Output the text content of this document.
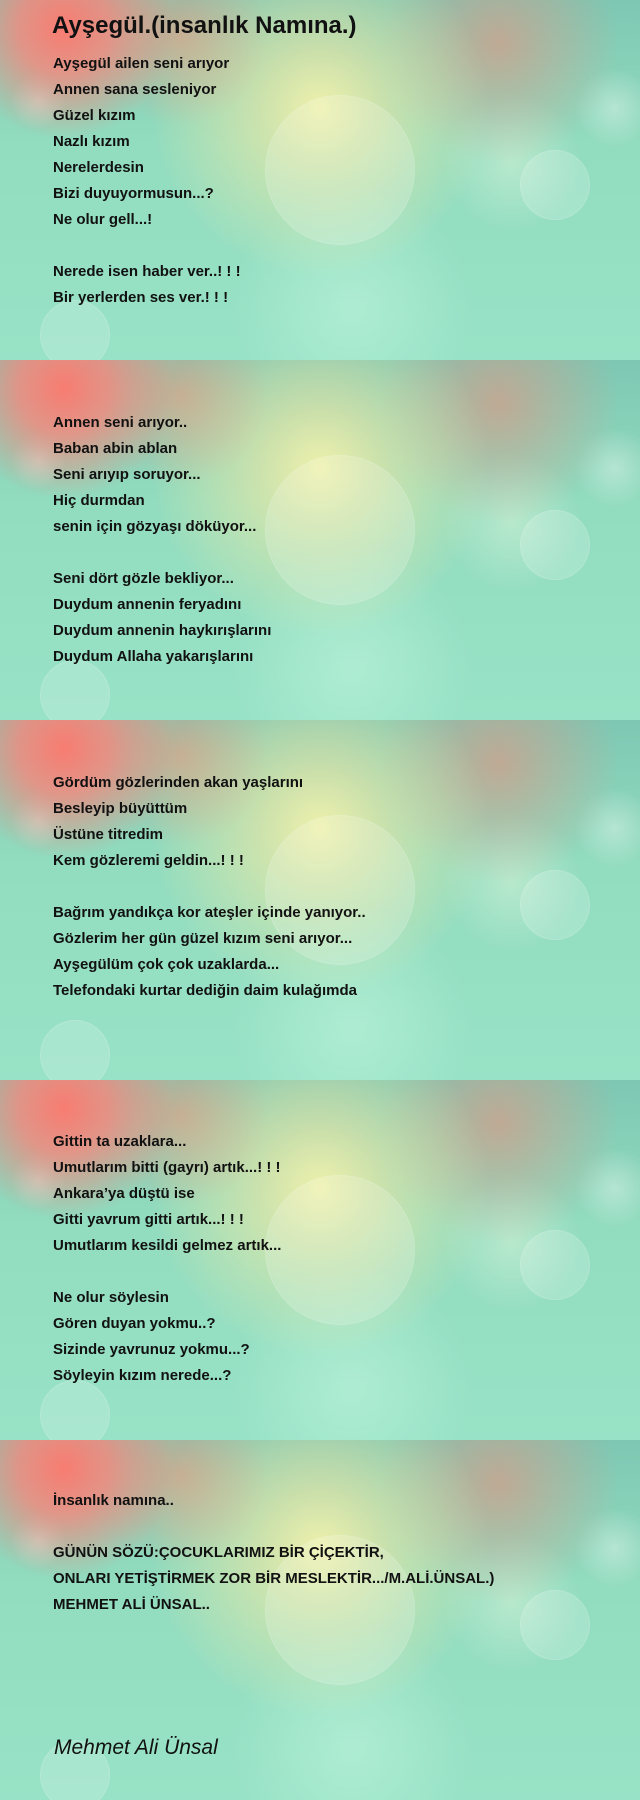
Ayşegül.(insanlık Namına.)
Ayşegül ailen seni arıyor
Annen sana sesleniyor
Güzel kızım
Nazlı kızım
Nerelerdesin
Bizi duyuyormusun...?
Ne olur gell...!
Nerede isen haber ver..! ! !
Bir yerlerden ses ver.! ! !
Annen seni arıyor..
Baban abin ablan
Seni arıyıp soruyor...
Hiç durmdan
senin için gözyaşı döküyor...
Seni dört gözle bekliyor...
Duydum annenin feryadını
Duydum annenin haykırışlarını
Duydum Allaha yakarışlarını
Gördüm gözlerinden akan yaşlarını
Besleyip büyüttüm
Üstüne titredim
Kem gözleremi geldin...! ! !
Bağrım yandıkça kor ateşler içinde yanıyor..
Gözlerim her gün güzel kızım seni arıyor...
Ayşegülüm çok çok uzaklarda...
Telefondaki kurtar dediğin daim kulağımda
Gittin ta uzaklara...
Umutlarım bitti (gayrı) artık...! ! !
Ankara’ya düştü ise
Gitti yavrum gitti artık...! ! !
Umutlarım kesildi gelmez artık...
Ne olur söylesin
Gören duyan yokmu..?
Sizinde yavrunuz yokmu...?
Söyleyin kızım nerede...?
İnsanlık namına..
GÜNÜN SÖZÜ:ÇOCUKLARIMIZ BİR ÇİÇEKTİR,
ONLARI YETİŞTİRMEK ZOR BİR MESLEKTİR.../M.ALİ.ÜNSAL.)
MEHMET ALİ ÜNSAL..
Mehmet Ali Ünsal
